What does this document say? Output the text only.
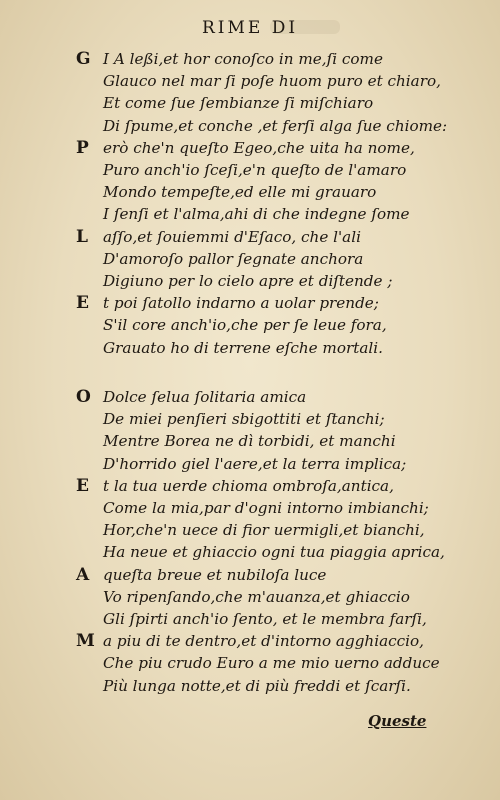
RIME DI
G I A leßi,et hor conoſco in me,ſi come
Glauco nel mar ſi poſe huom puro et chiaro,
Et come ſue ſembianze ſi miſchiaro
Di ſpume,et conche ,et ferſi alga ſue chiome:
P erò che'n queſto Egeo,che uita ha nome,
Puro anch'io ſceſi,e'n queſto de l'amaro
Mondo tempeſte,ed elle mi grauaro
I ſenſi et l'alma,ahi di che indegne ſome
L aſſo,et ſouiemmi d'Eſaco, che l'ali
D'amoroſo pallor ſegnate anchora
Digiuno per lo cielo apre et diſtende ;
E t poi ſatollo indarno a uolar prende;
S'il core anch'io,che per ſe leue fora,
Grauato ho di terrene eſche mortali.
O Dolce ſelua ſolitaria amica
De miei penſieri sbigottiti et ſtanchi;
Mentre Borea ne dì torbidi, et manchi
D'horrido giel l'aere,et la terra implica;
E t la tua uerde chioma ombroſa,antica,
Come la mia,par d'ogni intorno imbianchi;
Hor,che'n uece di fior uermigli,et bianchi,
Ha neue et ghiaccio ogni tua piaggia aprica,
A queſta breue et nubiloſa luce
Vo ripenſando,che m'auanza,et ghiaccio
Gli ſpirti anch'io ſento, et le membra farſi,
M a piu di te dentro,et d'intorno agghiaccio,
Che piu crudo Euro a me mio uerno adduce
Più lunga notte,et di più freddi et ſcarſi.
Queste
